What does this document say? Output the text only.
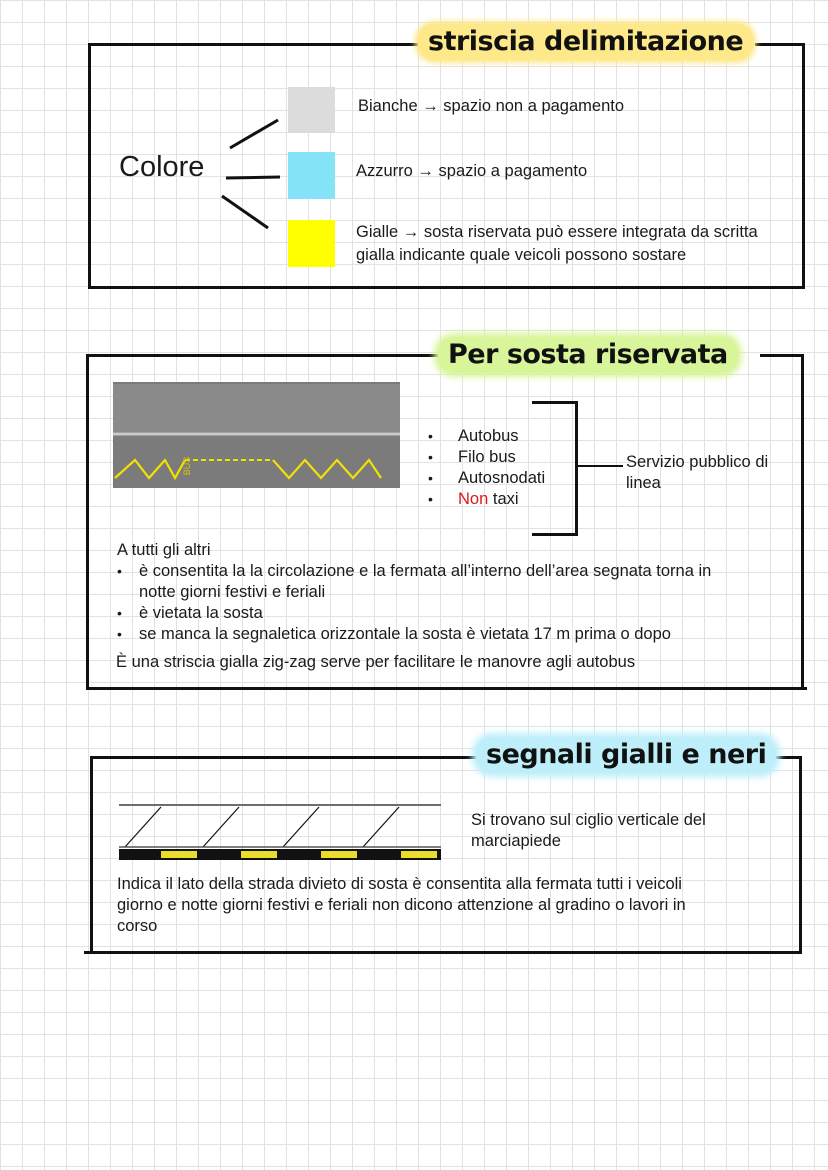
striscia delimitazione
Colore
Bianche → spazio non a pagamento
Azzurro → spazio a pagamento
Gialle → sosta riservata può essere integrata da scritta
gialla indicante quale veicoli possono sostare
Per sosta riservata
BUS
• Autobus
• Filo bus
• Autosnodati
• Non taxi
Servizio pubblico di
linea
A tutti gli altri
• è consentita la la circolazione e la fermata all’interno dell’area segnata torna in
notte giorni festivi e feriali
• è vietata la sosta
• se manca la segnaletica orizzontale la sosta è vietata 17 m prima o dopo
È una striscia gialla zig-zag serve per facilitare le manovre agli autobus
segnali gialli e neri
Si trovano sul ciglio verticale del
marciapiede
Indica il lato della strada divieto di sosta è consentita alla fermata tutti i veicoli
giorno e notte giorni festivi e feriali non dicono attenzione al gradino o lavori in
corso
